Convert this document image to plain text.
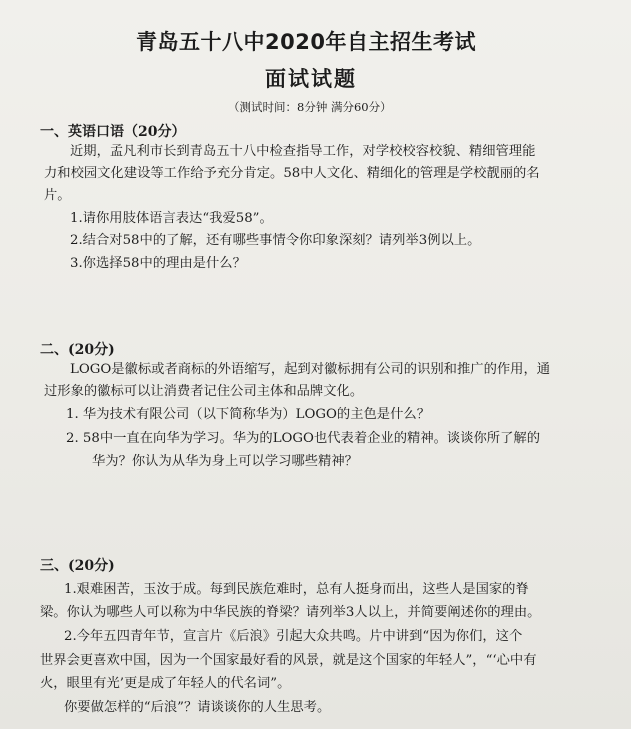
青岛五十八中2020年自主招生考试
面试试题
（测试时间：8分钟 满分60分）
一、英语口语（20分）
近期，孟凡利市长到青岛五十八中检查指导工作，对学校校容校貌、精细管理能
力和校园文化建设等工作给予充分肯定。58中人文化、精细化的管理是学校靓丽的名
片。
1.请你用肢体语言表达“我爱58”。
2.结合对58中的了解，还有哪些事情令你印象深刻？请列举3例以上。
3.你选择58中的理由是什么？
二、(20分)
LOGO是徽标或者商标的外语缩写，起到对徽标拥有公司的识别和推广的作用，通
过形象的徽标可以让消费者记住公司主体和品牌文化。
1. 华为技术有限公司（以下简称华为）LOGO的主色是什么？
2. 58中一直在向华为学习。华为的LOGO也代表着企业的精神。谈谈你所了解的
华为？你认为从华为身上可以学习哪些精神？
三、(20分)
1.艰难困苦，玉汝于成。每到民族危难时，总有人挺身而出，这些人是国家的脊
梁。你认为哪些人可以称为中华民族的脊梁？请列举3人以上，并简要阐述你的理由。
2.今年五四青年节，宣言片《后浪》引起大众共鸣。片中讲到“因为你们，这个
世界会更喜欢中国，因为一个国家最好看的风景，就是这个国家的年轻人”，“‘心中有
火，眼里有光’更是成了年轻人的代名词”。
你要做怎样的“后浪”？请谈谈你的人生思考。
